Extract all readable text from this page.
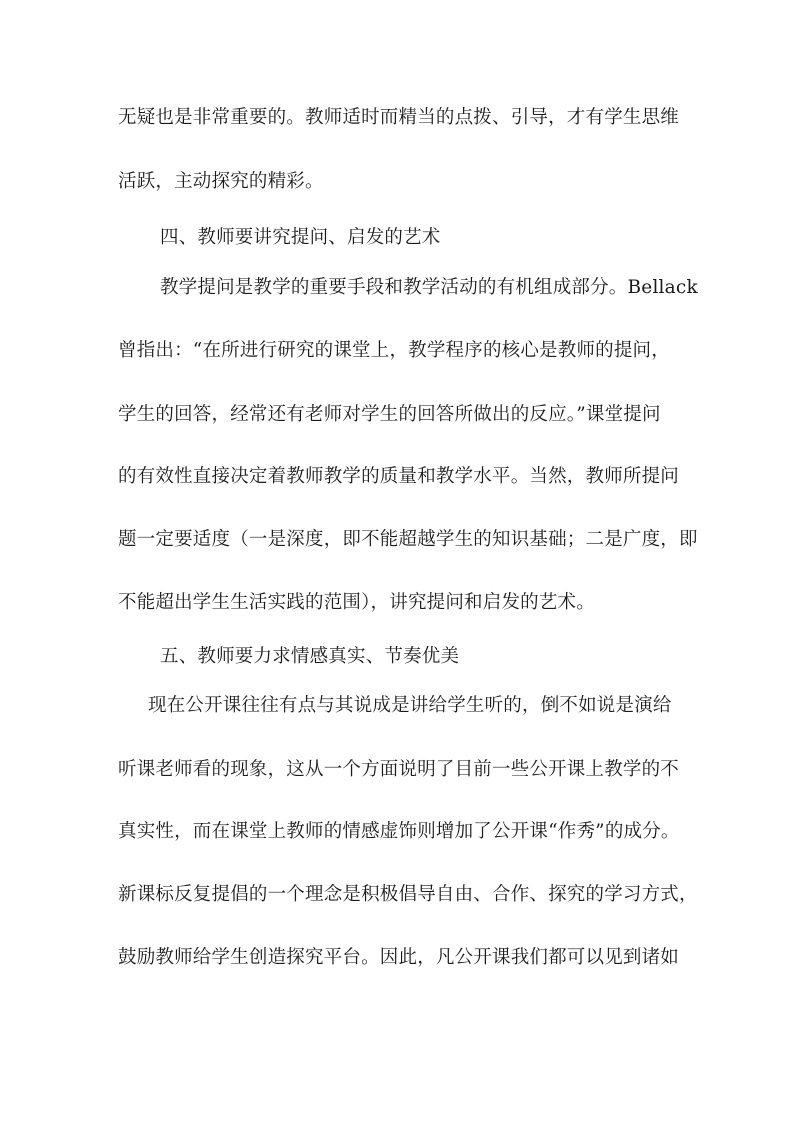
无疑也是非常重要的。教师适时而精当的点拨、引导，才有学生思维
活跃，主动探究的精彩。
四、教师要讲究提问、启发的艺术
教学提问是教学的重要手段和教学活动的有机组成部分。Bellack
曾指出：“在所进行研究的课堂上，教学程序的核心是教师的提问，
学生的回答，经常还有老师对学生的回答所做出的反应。”课堂提问
的有效性直接决定着教师教学的质量和教学水平。当然，教师所提问
题一定要适度（一是深度，即不能超越学生的知识基础；二是广度，即
不能超出学生生活实践的范围），讲究提问和启发的艺术。
五、教师要力求情感真实、节奏优美
现在公开课往往有点与其说成是讲给学生听的，倒不如说是演给
听课老师看的现象，这从一个方面说明了目前一些公开课上教学的不
真实性，而在课堂上教师的情感虚饰则增加了公开课“作秀”的成分。
新课标反复提倡的一个理念是积极倡导自由、合作、探究的学习方式，
鼓励教师给学生创造探究平台。因此，凡公开课我们都可以见到诸如
